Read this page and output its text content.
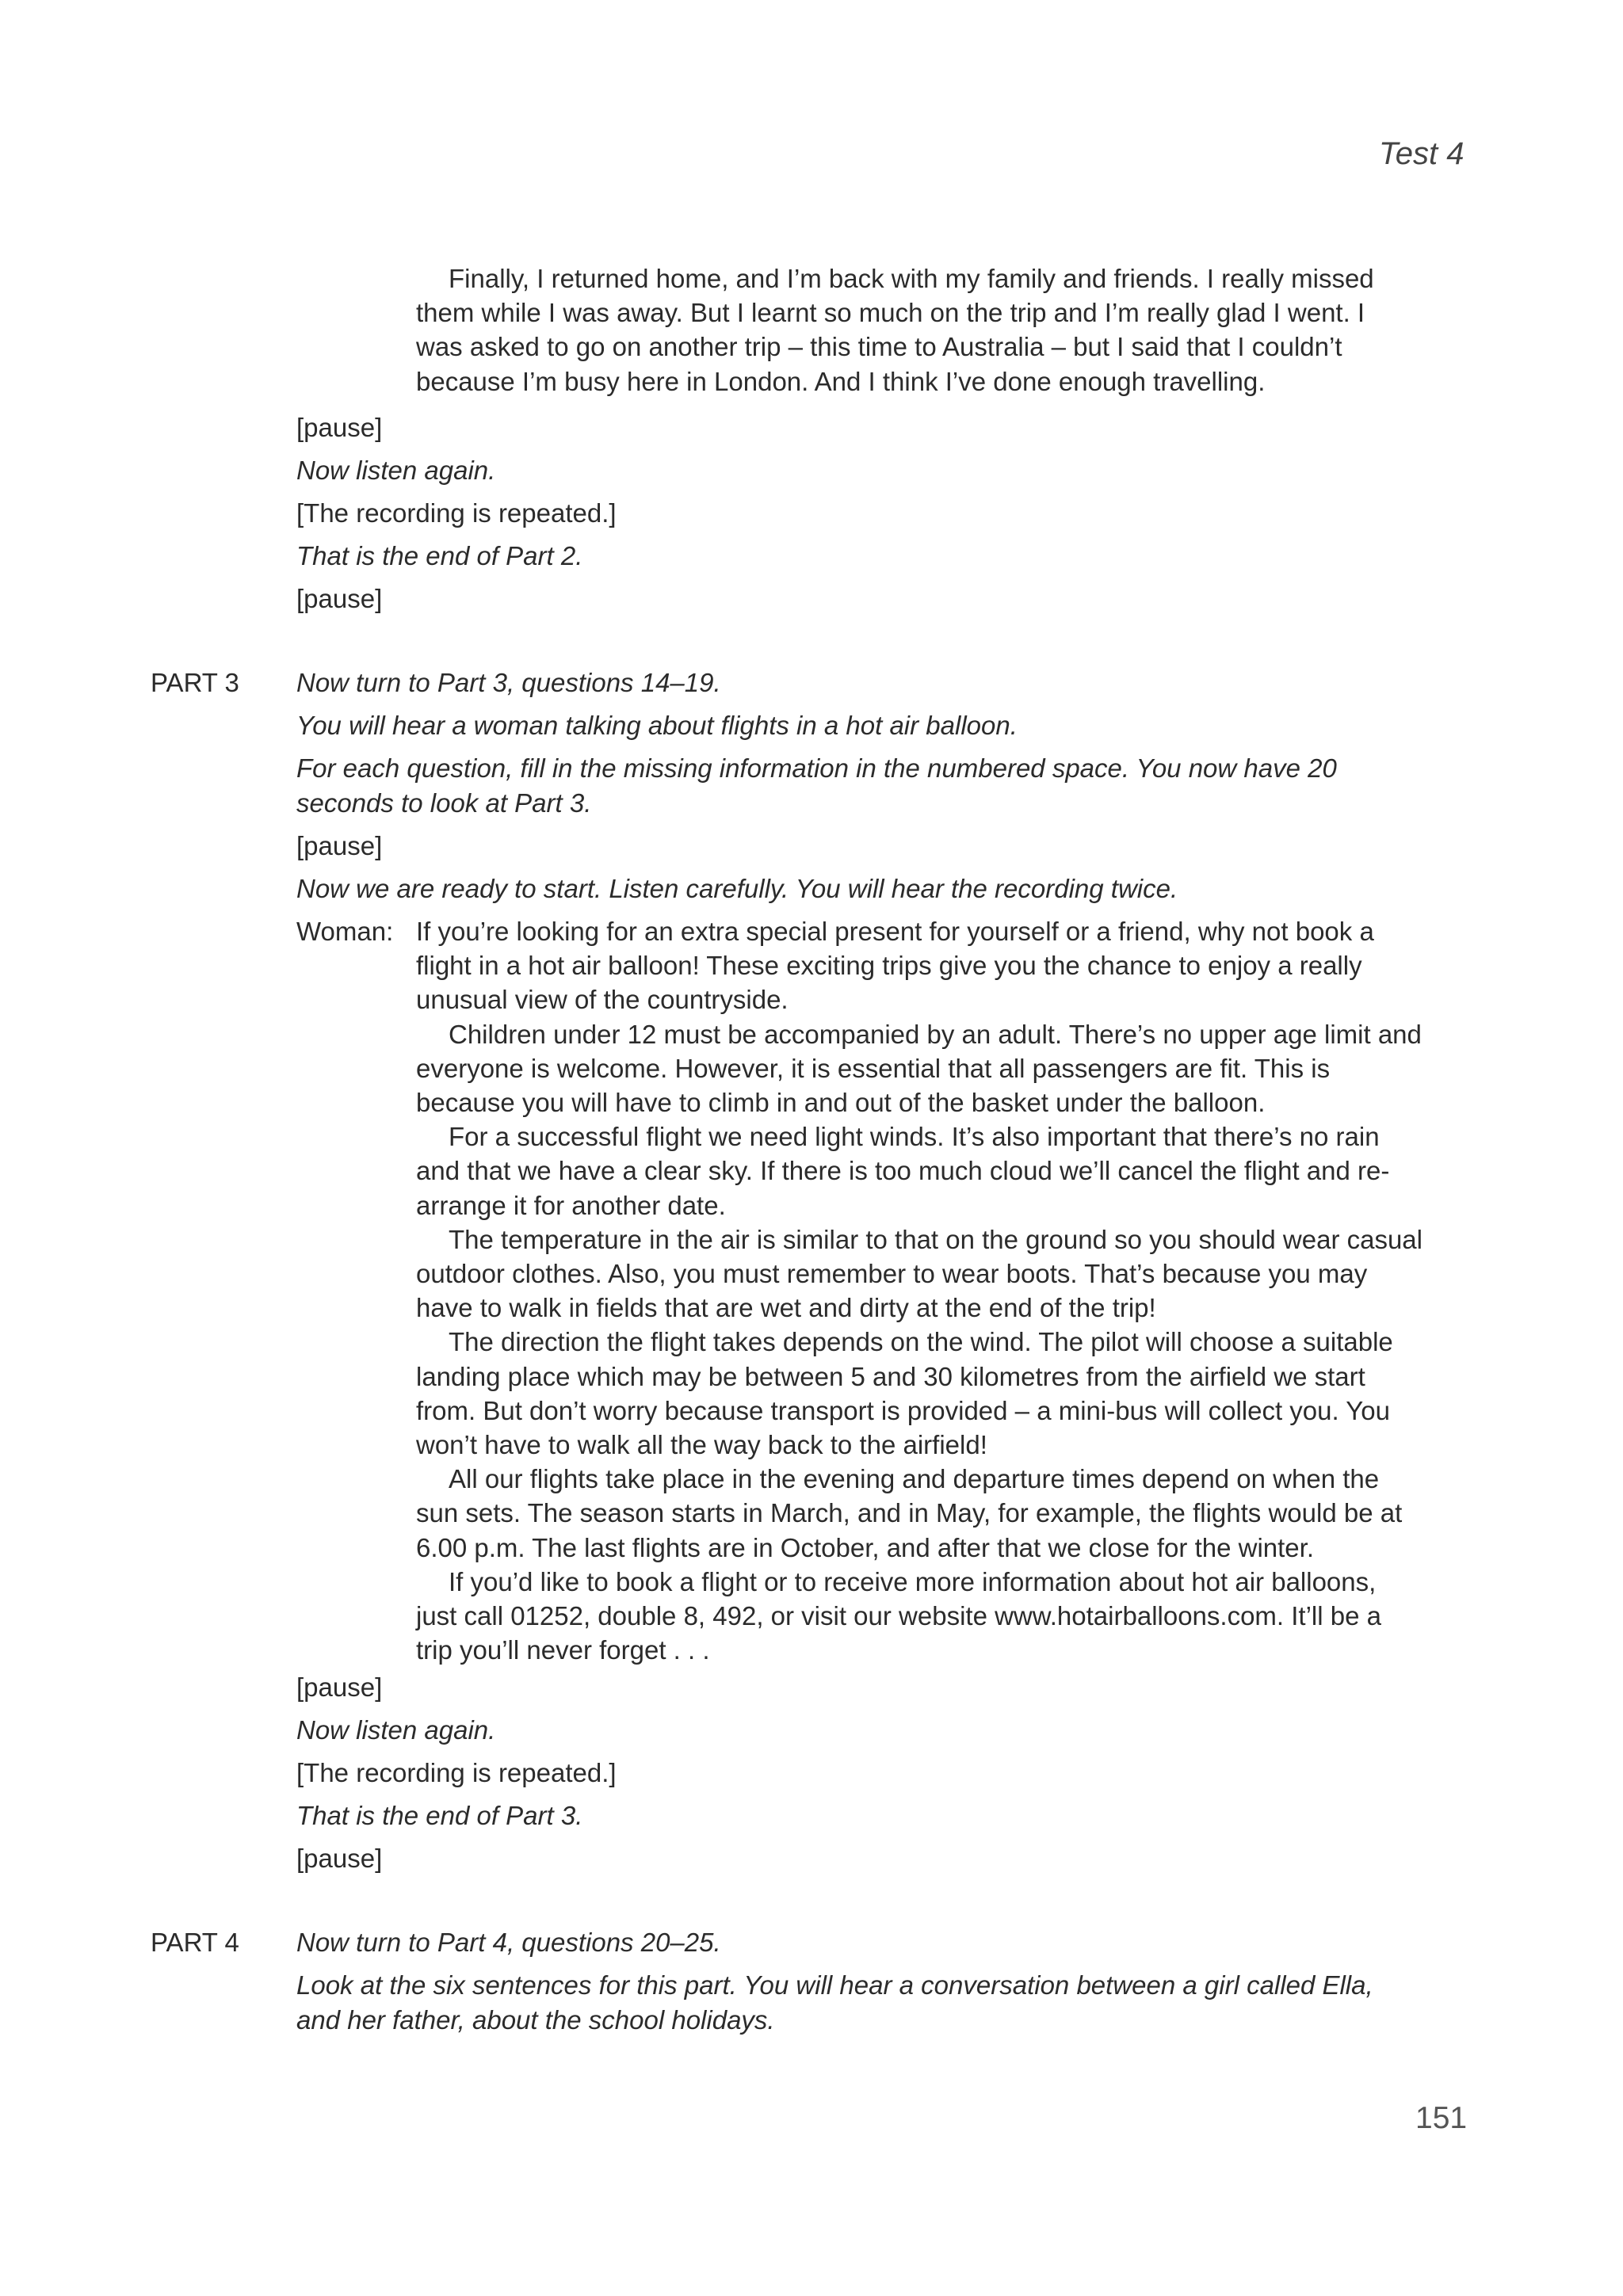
Test 4
Finally, I returned home, and I’m back with my family and friends. I really missed
them while I was away. But I learnt so much on the trip and I’m really glad I went. I
was asked to go on another trip – this time to Australia – but I said that I couldn’t
because I’m busy here in London. And I think I’ve done enough travelling.
[pause]
Now listen again.
[The recording is repeated.]
That is the end of Part 2.
[pause]
PART 3 Now turn to Part 3, questions 14–19.
You will hear a woman talking about flights in a hot air balloon.
For each question, fill in the missing information in the numbered space. You now have 20
seconds to look at Part 3.
[pause]
Now we are ready to start. Listen carefully. You will hear the recording twice.
Woman: If you’re looking for an extra special present for yourself or a friend, why not book a
flight in a hot air balloon! These exciting trips give you the chance to enjoy a really
unusual view of the countryside.
Children under 12 must be accompanied by an adult. There’s no upper age limit and
everyone is welcome. However, it is essential that all passengers are fit. This is
because you will have to climb in and out of the basket under the balloon.
For a successful flight we need light winds. It’s also important that there’s no rain
and that we have a clear sky. If there is too much cloud we’ll cancel the flight and re-
arrange it for another date.
The temperature in the air is similar to that on the ground so you should wear casual
outdoor clothes. Also, you must remember to wear boots. That’s because you may
have to walk in fields that are wet and dirty at the end of the trip!
The direction the flight takes depends on the wind. The pilot will choose a suitable
landing place which may be between 5 and 30 kilometres from the airfield we start
from. But don’t worry because transport is provided – a mini-bus will collect you. You
won’t have to walk all the way back to the airfield!
All our flights take place in the evening and departure times depend on when the
sun sets. The season starts in March, and in May, for example, the flights would be at
6.00 p.m. The last flights are in October, and after that we close for the winter.
If you’d like to book a flight or to receive more information about hot air balloons,
just call 01252, double 8, 492, or visit our website www.hotairballoons.com. It’ll be a
trip you’ll never forget . . .
[pause]
Now listen again.
[The recording is repeated.]
That is the end of Part 3.
[pause]
PART 4 Now turn to Part 4, questions 20–25.
Look at the six sentences for this part. You will hear a conversation between a girl called Ella,
and her father, about the school holidays.
151
